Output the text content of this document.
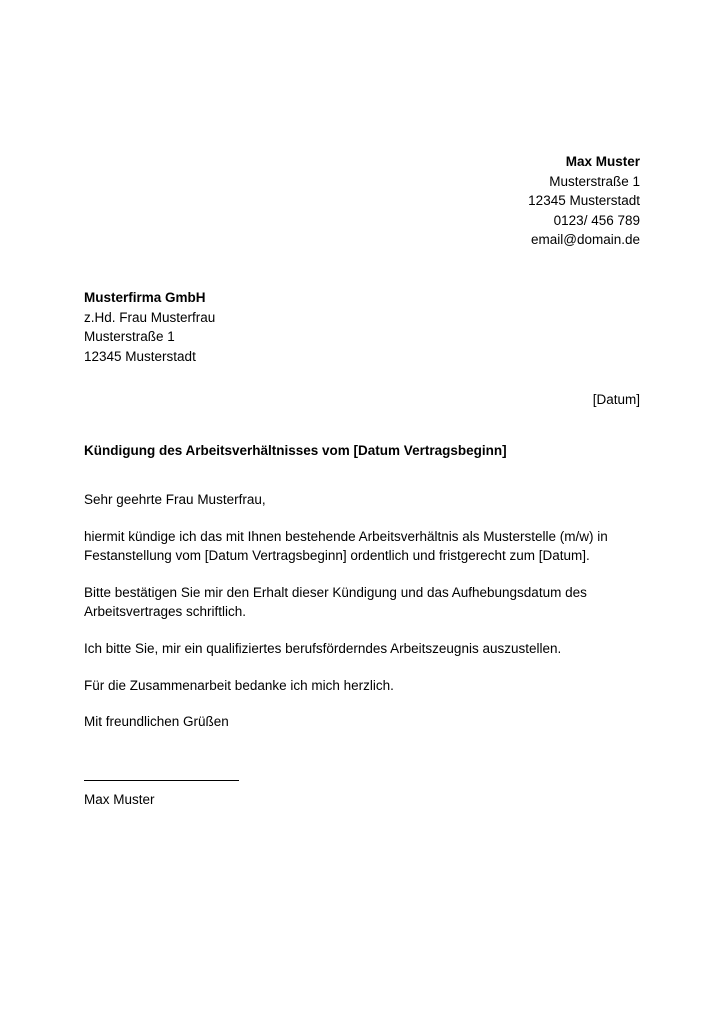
Max Muster
Musterstraße 1
12345 Musterstadt
0123/ 456 789
email@domain.de
Musterfirma GmbH
z.Hd. Frau Musterfrau
Musterstraße 1
12345 Musterstadt
[Datum]
Kündigung des Arbeitsverhältnisses vom [Datum Vertragsbeginn]

Sehr geehrte Frau Musterfrau,

hiermit kündige ich das mit Ihnen bestehende Arbeitsverhältnis als Musterstelle (m/w) in Festanstellung vom [Datum Vertragsbeginn] ordentlich und fristgerecht zum [Datum].

Bitte bestätigen Sie mir den Erhalt dieser Kündigung und das Aufhebungsdatum des Arbeitsvertrages schriftlich.

Ich bitte Sie, mir ein qualifiziertes berufsförderndes Arbeitszeugnis auszustellen.

Für die Zusammenarbeit bedanke ich mich herzlich.

Mit freundlichen Grüßen

Max Muster
